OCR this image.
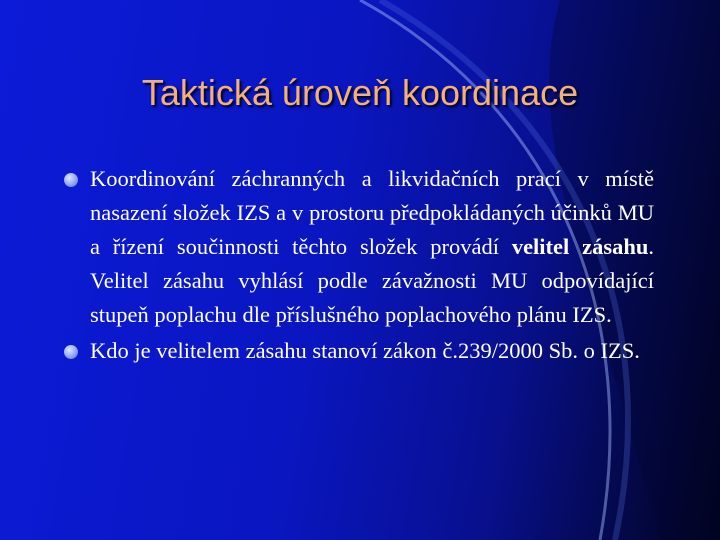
Taktická úroveň koordinace

Koordinování záchranných a likvidačních prací v místě nasazení složek IZS a v prostoru předpokládaných účinků MU a řízení součinnosti těchto složek provádí velitel zásahu. Velitel zásahu vyhlásí podle závažnosti MU odpovídající stupeň poplachu dle příslušného poplachového plánu IZS.

Kdo je velitelem zásahu stanoví zákon č.239/2000 Sb. o IZS.
